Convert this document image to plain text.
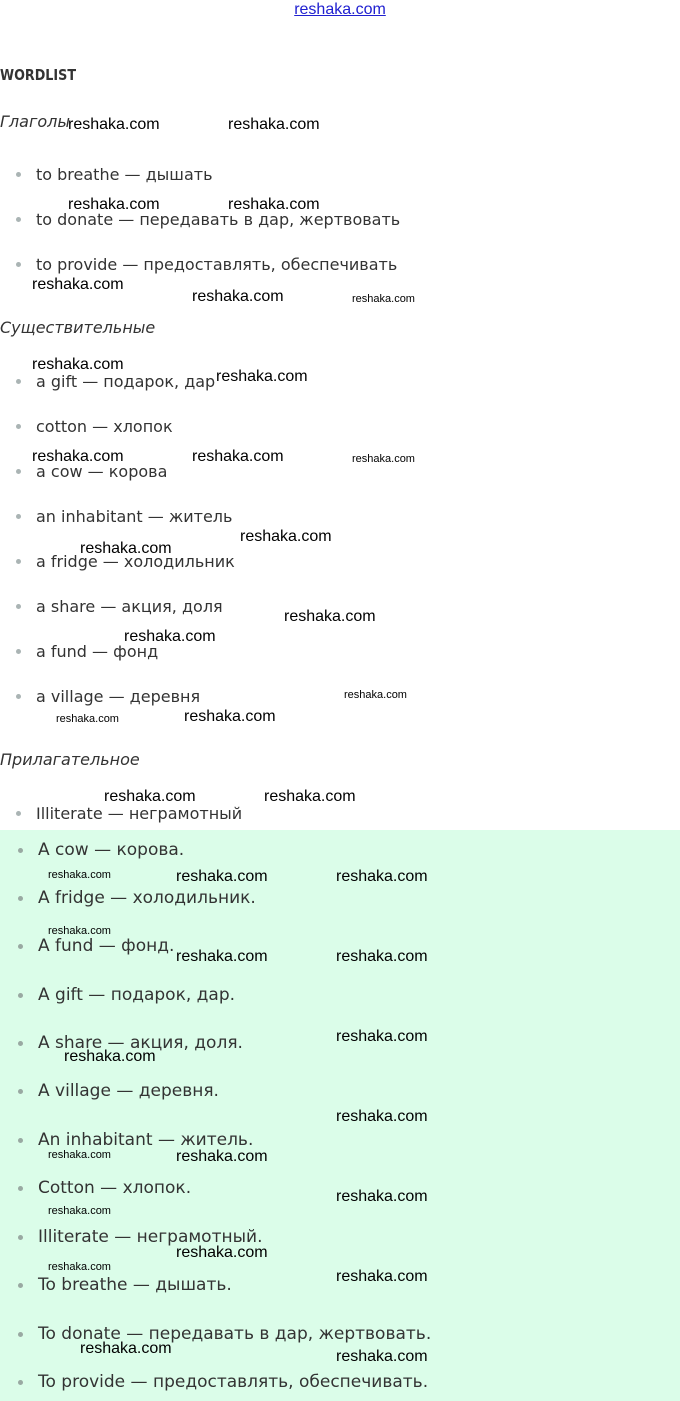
reshaka.com
WORDLIST
Глаголы
to breathe — дышать
to donate — передавать в дар, жертвовать
to provide — предоставлять, обеспечивать
Существительные
a gift — подарок, дар
cotton — хлопок
a cow — корова
an inhabitant — житель
a fridge — холодильник
a share — акция, доля
a fund — фонд
a village — деревня
Прилагательное
Illiterate — неграмотный
A cow — корова.
A fridge — холодильник.
A fund — фонд.
A gift — подарок, дар.
A share — акция, доля.
A village — деревня.
An inhabitant — житель.
Cotton — хлопок.
Illiterate — неграмотный.
To breathe — дышать.
To donate — передавать в дар, жертвовать.
To provide — предоставлять, обеспечивать.
reshaka.com	reshaka.com
reshaka.com	reshaka.com
reshaka.com
reshaka.com	reshaka.com
reshaka.com
reshaka.com
reshaka.com	reshaka.com	reshaka.com
reshaka.com
reshaka.com
reshaka.com
reshaka.com
reshaka.com
reshaka.com	reshaka.com
reshaka.com	reshaka.com
reshaka.com	reshaka.com	reshaka.com
reshaka.com
reshaka.com	reshaka.com
reshaka.com
reshaka.com
reshaka.com
reshaka.com	reshaka.com
reshaka.com
reshaka.com
reshaka.com
reshaka.com
reshaka.com
reshaka.com	reshaka.com
